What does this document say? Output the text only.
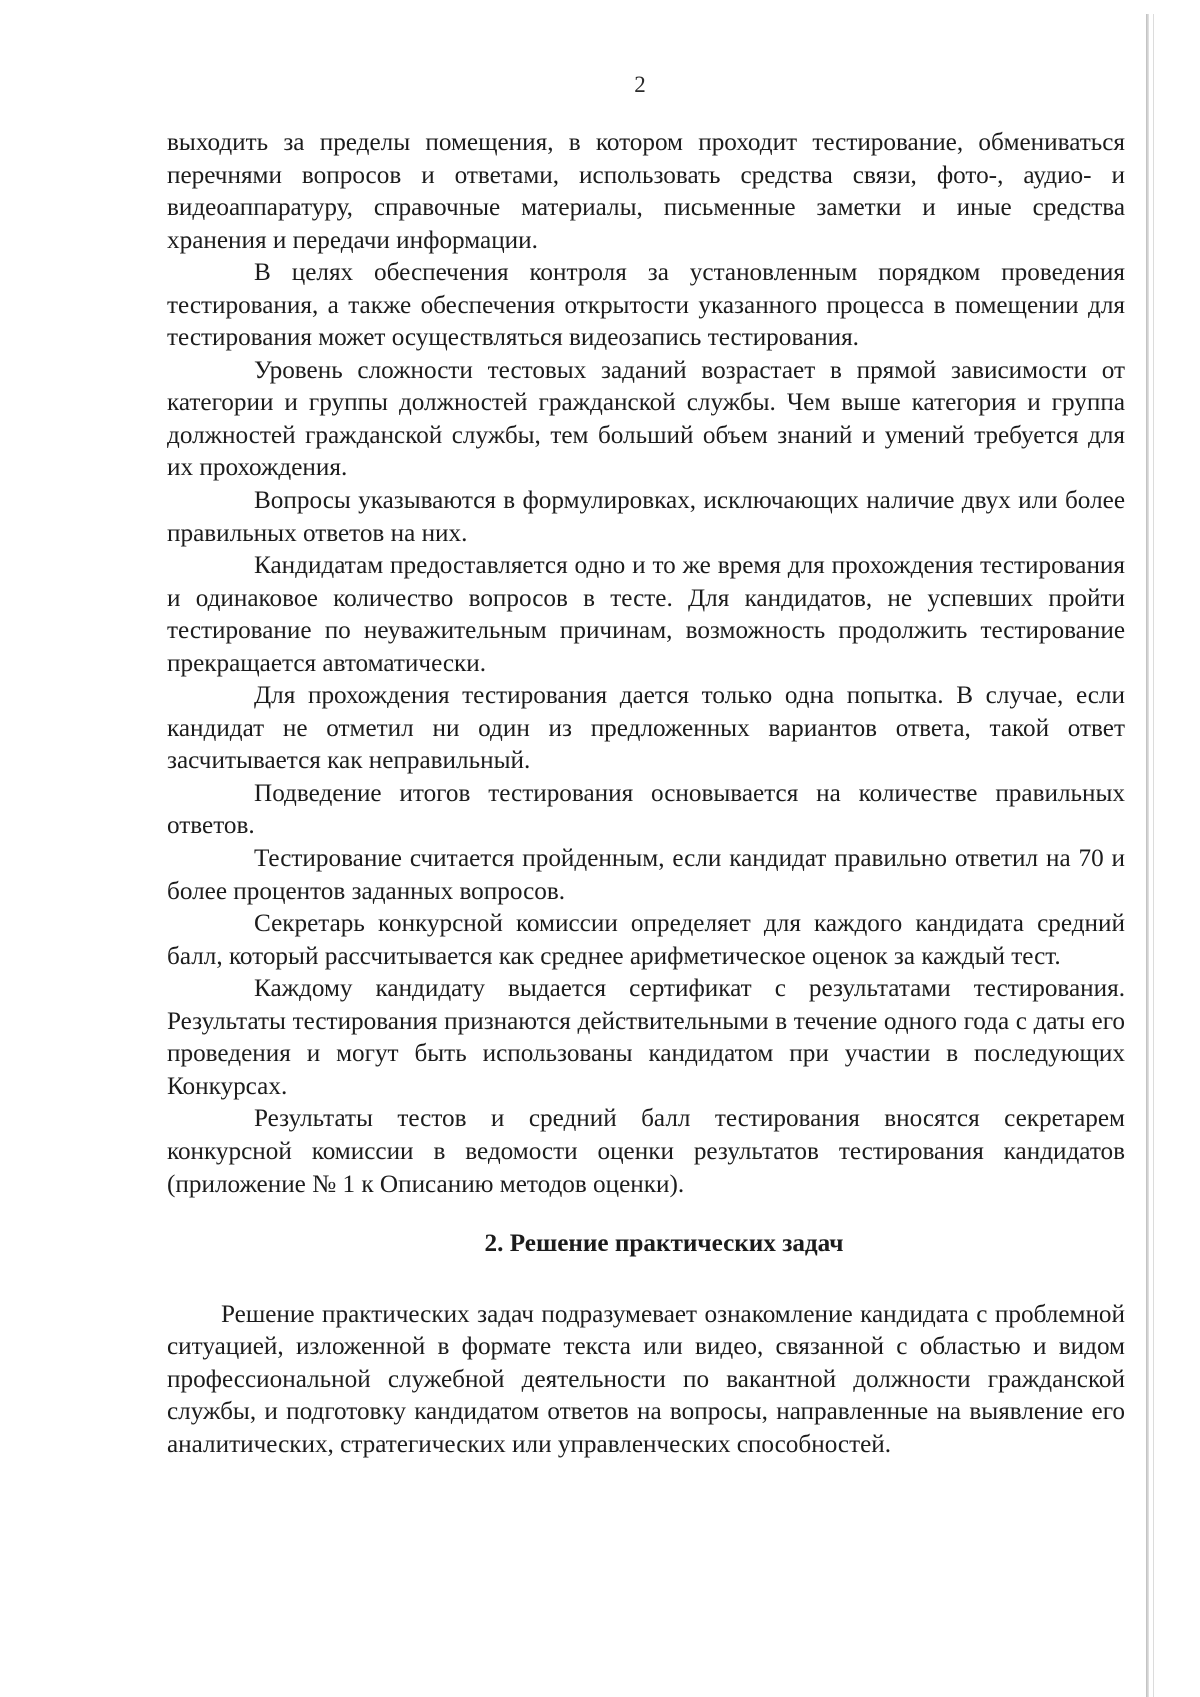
2

выходить за пределы помещения, в котором проходит тестирование, обмениваться перечнями вопросов и ответами, использовать средства связи, фото-, аудио- и видеоаппаратуру, справочные материалы, письменные заметки и иные средства хранения и передачи информации.

В целях обеспечения контроля за установленным порядком проведения тестирования, а также обеспечения открытости указанного процесса в помещении для тестирования может осуществляться видеозапись тестирования.

Уровень сложности тестовых заданий возрастает в прямой зависимости от категории и группы должностей гражданской службы. Чем выше категория и группа должностей гражданской службы, тем больший объем знаний и умений требуется для их прохождения.

Вопросы указываются в формулировках, исключающих наличие двух или более правильных ответов на них.

Кандидатам предоставляется одно и то же время для прохождения тестирования и одинаковое количество вопросов в тесте. Для кандидатов, не успевших пройти тестирование по неуважительным причинам, возможность продолжить тестирование прекращается автоматически.

Для прохождения тестирования дается только одна попытка. В случае, если кандидат не отметил ни один из предложенных вариантов ответа, такой ответ засчитывается как неправильный.

Подведение итогов тестирования основывается на количестве правильных ответов.

Тестирование считается пройденным, если кандидат правильно ответил на 70 и более процентов заданных вопросов.

Секретарь конкурсной комиссии определяет для каждого кандидата средний балл, который рассчитывается как среднее арифметическое оценок за каждый тест.

Каждому кандидату выдается сертификат с результатами тестирования. Результаты тестирования признаются действительными в течение одного года с даты его проведения и могут быть использованы кандидатом при участии в последующих Конкурсах.

Результаты тестов и средний балл тестирования вносятся секретарем конкурсной комиссии в ведомости оценки результатов тестирования кандидатов (приложение № 1 к Описанию методов оценки).

2. Решение практических задач

Решение практических задач подразумевает ознакомление кандидата с проблемной ситуацией, изложенной в формате текста или видео, связанной с областью и видом профессиональной служебной деятельности по вакантной должности гражданской службы, и подготовку кандидатом ответов на вопросы, направленные на выявление его аналитических, стратегических или управленческих способностей.
